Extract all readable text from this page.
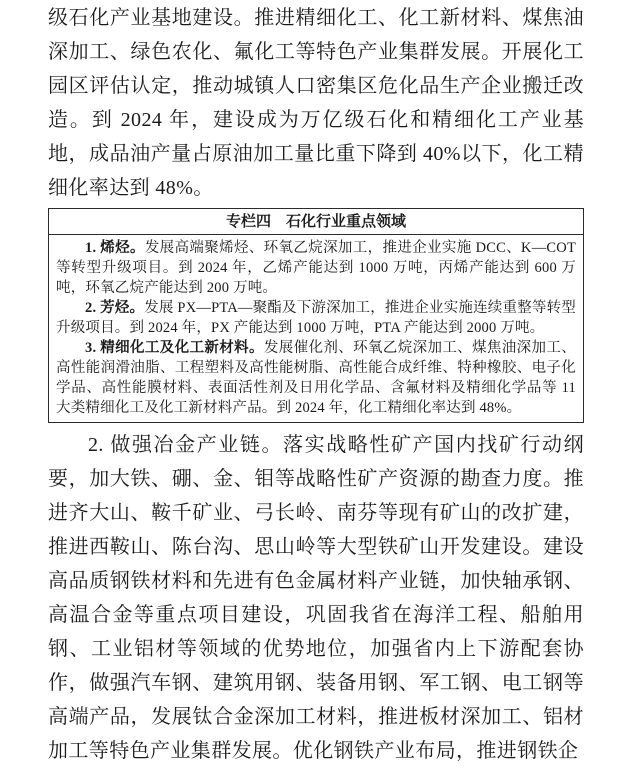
级石化产业基地建设。推进精细化工、化工新材料、煤焦油深加工、绿色农化、氟化工等特色产业集群发展。开展化工园区评估认定，推动城镇人口密集区危化品生产企业搬迁改造。到 2024 年，建设成为万亿级石化和精细化工产业基地，成品油产量占原油加工量比重下降到 40%以下，化工精细化率达到 48%。

专栏四　石化行业重点领域

1. 烯烃。发展高端聚烯烃、环氧乙烷深加工，推进企业实施 DCC、K—COT 等转型升级项目。到 2024 年，乙烯产能达到 1000 万吨，丙烯产能达到 600 万吨，环氧乙烷产能达到 200 万吨。

2. 芳烃。发展 PX—PTA—聚酯及下游深加工，推进企业实施连续重整等转型升级项目。到 2024 年，PX 产能达到 1000 万吨，PTA 产能达到 2000 万吨。

3. 精细化工及化工新材料。发展催化剂、环氧乙烷深加工、煤焦油深加工、高性能润滑油脂、工程塑料及高性能树脂、高性能合成纤维、特种橡胶、电子化学品、高性能膜材料、表面活性剂及日用化学品、含氟材料及精细化学品等 11 大类精细化工及化工新材料产品。到 2024 年，化工精细化率达到 48%。

2. 做强冶金产业链。落实战略性矿产国内找矿行动纲要，加大铁、硼、金、钼等战略性矿产资源的勘查力度。推进齐大山、鞍千矿业、弓长岭、南芬等现有矿山的改扩建，推进西鞍山、陈台沟、思山岭等大型铁矿山开发建设。建设高品质钢铁材料和先进有色金属材料产业链，加快轴承钢、高温合金等重点项目建设，巩固我省在海洋工程、船舶用钢、工业铝材等领域的优势地位，加强省内上下游配套协作，做强汽车钢、建筑用钢、装备用钢、军工钢、电工钢等高端产品，发展钛合金深加工材料，推进板材深加工、铝材加工等特色产业集群发展。优化钢铁产业布局，推进钢铁企
